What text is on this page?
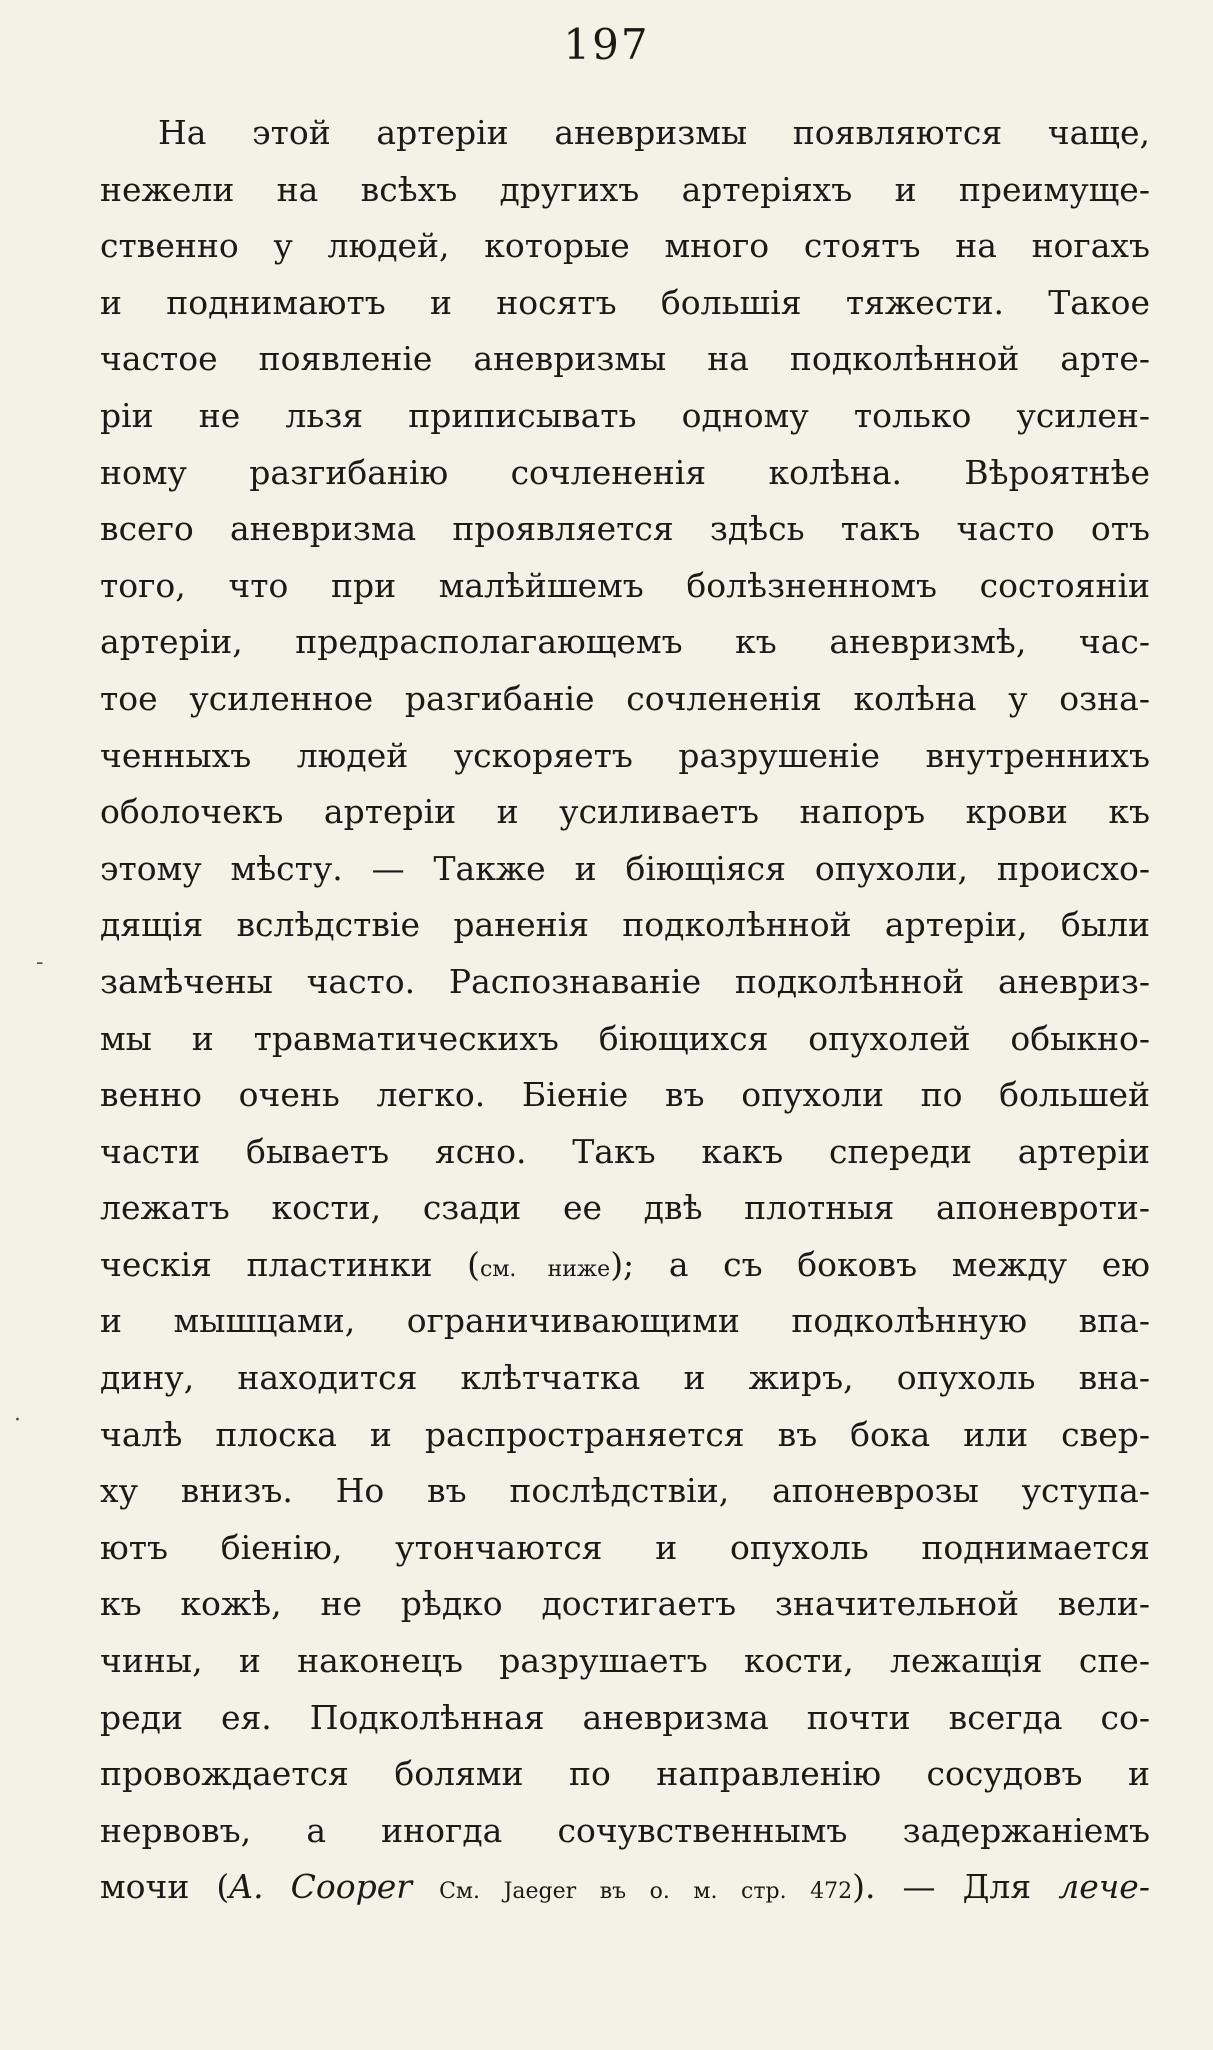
197
-
·
На этой артеріи аневризмы появляются чаще,
нежели на всѣхъ другихъ артеріяхъ и преимуще-
ственно у людей, которые много стоятъ на ногахъ
и поднимаютъ и носятъ большія тяжести. Такое
частое появленіе аневризмы на подколѣнной арте-
ріи не льзя приписывать одному только усилен-
ному разгибанію сочлененія колѣна. Вѣроятнѣе
всего аневризма проявляется здѣсь такъ часто отъ
того, что при малѣйшемъ болѣзненномъ состояніи
артеріи, предрасполагающемъ къ аневризмѣ, час-
тое усиленное разгибаніе сочлененія колѣна у озна-
ченныхъ людей ускоряетъ разрушеніе внутреннихъ
оболочекъ артеріи и усиливаетъ напоръ крови къ
этому мѣсту. — Также и біющіяся опухоли, происхо-
дящія вслѣдствіе раненія подколѣнной артеріи, были
замѣчены часто. Распознаваніе подколѣнной аневриз-
мы и травматическихъ біющихся опухолей обыкно-
венно очень легко. Біеніе въ опухоли по большей
части бываетъ ясно. Такъ какъ спереди артеріи
лежатъ кости, сзади ее двѣ плотныя апоневроти-
ческія пластинки (см. ниже); а съ боковъ между ею
и мышцами, ограничивающими подколѣнную впа-
дину, находится клѣтчатка и жиръ, опухоль вна-
чалѣ плоска и распространяется въ бока или свер-
ху внизъ. Но въ послѣдствіи, апоневрозы уступа-
ютъ біенію, утончаются и опухоль поднимается
къ кожѣ, не рѣдко достигаетъ значительной вели-
чины, и наконецъ разрушаетъ кости, лежащія спе-
реди ея. Подколѣнная аневризма почти всегда со-
провождается болями по направленію сосудовъ и
нервовъ, а иногда сочувственнымъ задержаніемъ
мочи (A. Cooper См. Jaeger въ о. м. стр. 472). — Для лече-
